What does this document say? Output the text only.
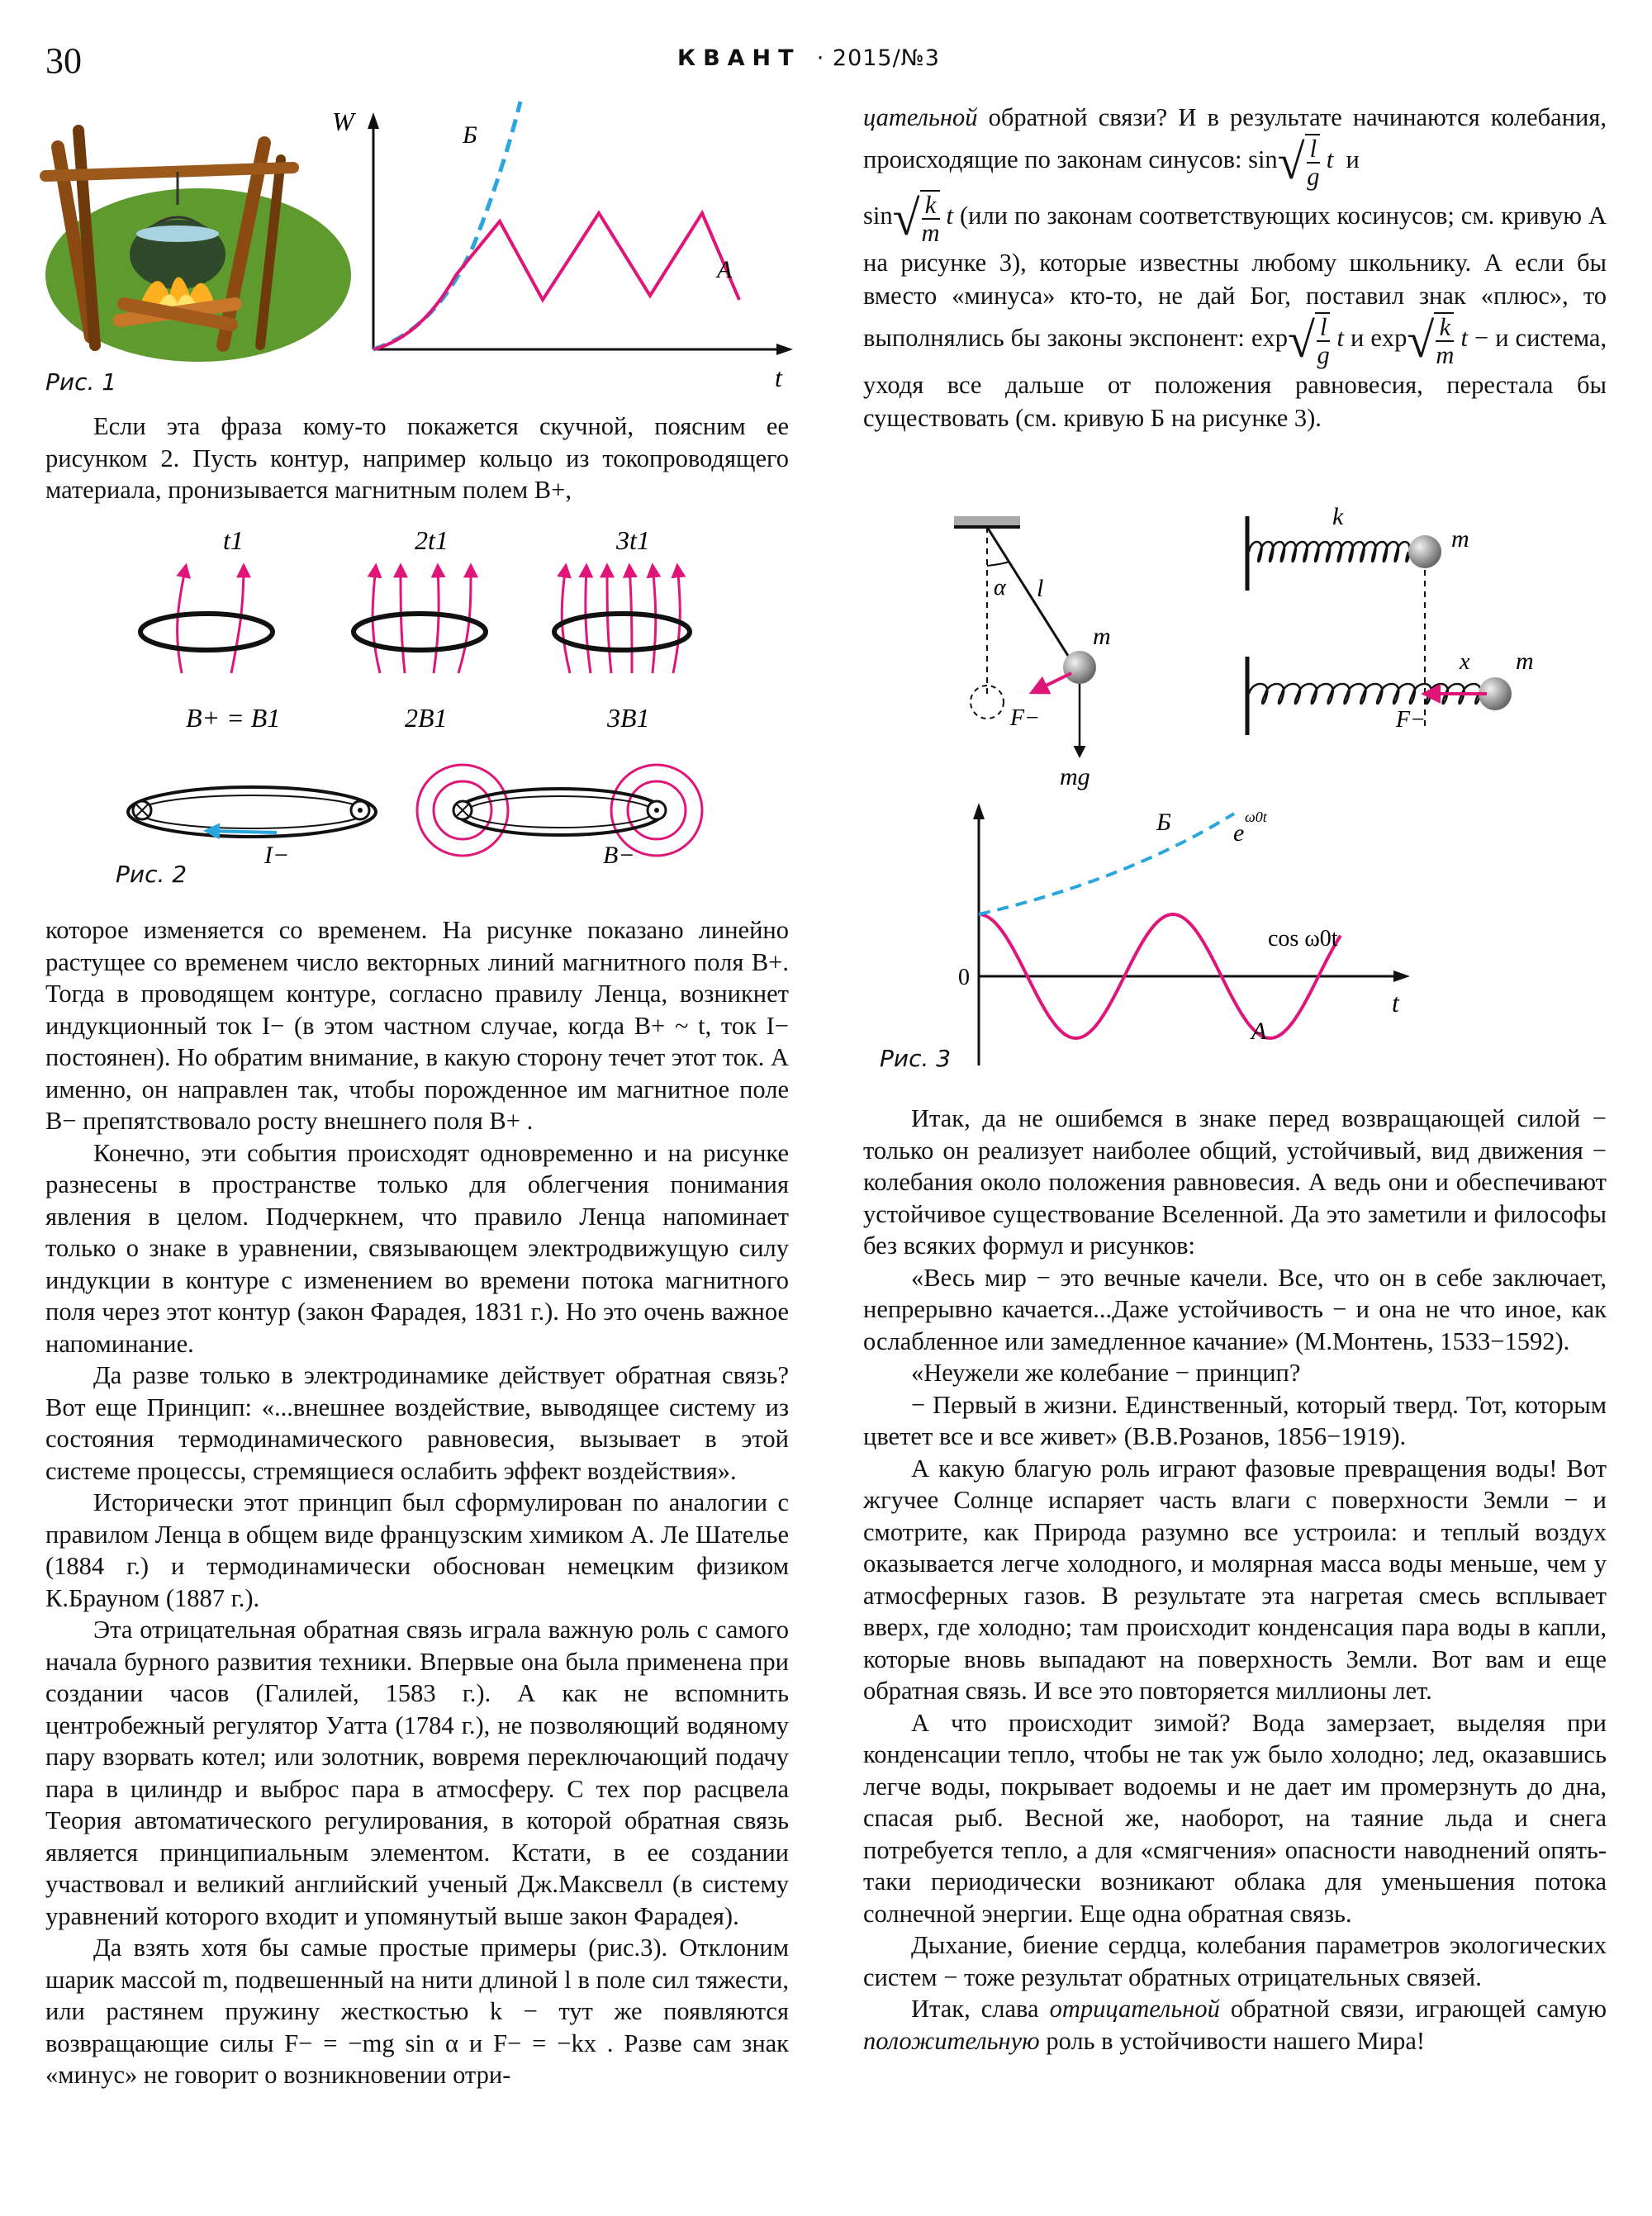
30	КВАНТ · 2015/№3
W
t
Б
А
Рис. 1

Если эта фраза кому-то покажется скучной, поясним ее рисунком 2. Пусть контур, например кольцо из токопроводящего материала, пронизывается магнитным полем B+,

t1	2t1	3t1
B+ = B1	2B1	3B1
I−	B−
Рис. 2

которое изменяется со временем. На рисунке показано линейно растущее со временем число векторных линий магнитного поля B+. Тогда в проводящем контуре, согласно правилу Ленца, возникнет индукционный ток I− (в этом частном случае, когда B+ ~ t, ток I− постоянен). Но обратим внимание, в какую сторону течет этот ток. А именно, он направлен так, чтобы порожденное им магнитное поле B− препятствовало росту внешнего поля B+ .

Конечно, эти события происходят одновременно и на рисунке разнесены в пространстве только для облегчения понимания явления в целом. Подчеркнем, что правило Ленца напоминает только о знаке в уравнении, связывающем электродвижущую силу индукции в контуре с изменением во времени потока магнитного поля через этот контур (закон Фарадея, 1831 г.). Но это очень важное напоминание.

Да разве только в электродинамике действует обратная связь? Вот еще Принцип: «...внешнее воздействие, выводящее систему из состояния термодинамического равновесия, вызывает в этой системе процессы, стремящиеся ослабить эффект воздействия».

Исторически этот принцип был сформулирован по аналогии с правилом Ленца в общем виде французским химиком А. Ле Шателье (1884 г.) и термодинамически обоснован немецким физиком К.Брауном (1887 г.).

Эта отрицательная обратная связь играла важную роль с самого начала бурного развития техники. Впервые она была применена при создании часов (Галилей, 1583 г.). А как не вспомнить центробежный регулятор Уатта (1784 г.), не позволяющий водяному пару взорвать котел; или золотник, вовремя переключающий подачу пара в цилиндр и выброс пара в атмосферу. С тех пор расцвела Теория автоматического регулирования, в которой обратная связь является принципиальным элементом. Кстати, в ее создании участвовал и великий английский ученый Дж.Максвелл (в систему уравнений которого входит и упомянутый выше закон Фарадея).

Да взять хотя бы самые простые примеры (рис.3). Отклоним шарик массой m, подвешенный на нити длиной l в поле сил тяжести, или растянем пружину жесткостью k − тут же появляются возвращающие силы F− = −mg sin α и F− = −kx . Разве сам знак «минус» не говорит о возникновении отри-

цательной обратной связи? И в результате начинаются колебания, происходящие по законам синусов: $\sin√ \frac{l}{g}$ t и

$\sin√ \frac{k}{m}$ t (или по законам соответствующих косинусов; см. кривую А на рисунке 3), которые известны любому школьнику. А если бы вместо «минуса» кто-то, не дай Бог, поставил знак «плюс», то выполнялись бы законы экспонент: $\exp√ \frac{l}{g}$ t и $\exp√ \frac{k}{m}$ t − и система, уходя все дальше от положения равновесия, перестала бы существовать (см. кривую Б на рисунке 3).

α l
m
mg
F−
k
m
x m
F−
0
t
Б	e
ω0t
cos ω0t
А
Рис. 3

Итак, да не ошибемся в знаке перед возвращающей силой − только он реализует наиболее общий, устойчивый, вид движения − колебания около положения равновесия. А ведь они и обеспечивают устойчивое существование Вселенной. Да это заметили и философы без всяких формул и рисунков:

«Весь мир − это вечные качели. Все, что он в себе заключает, непрерывно качается...Даже устойчивость − и она не что иное, как ослабленное или замедленное качание» (М.Монтень, 1533−1592).

«Неужели же колебание − принцип?

− Первый в жизни. Единственный, который тверд. Тот, которым цветет все и все живет» (В.В.Розанов, 1856−1919).

А какую благую роль играют фазовые превращения воды! Вот жгучее Солнце испаряет часть влаги с поверхности Земли − и смотрите, как Природа разумно все устроила: и теплый воздух оказывается легче холодного, и молярная масса воды меньше, чем у атмосферных газов. В результате эта нагретая смесь всплывает вверх, где холодно; там происходит конденсация пара воды в капли, которые вновь выпадают на поверхность Земли. Вот вам и еще обратная связь. И все это повторяется миллионы лет.

А что происходит зимой? Вода замерзает, выделяя при конденсации тепло, чтобы не так уж было холодно; лед, оказавшись легче воды, покрывает водоемы и не дает им промерзнуть до дна, спасая рыб. Весной же, наоборот, на таяние льда и снега потребуется тепло, а для «смягчения» опасности наводнений опять-таки периодически возникают облака для уменьшения потока солнечной энергии. Еще одна обратная связь.

Дыхание, биение сердца, колебания параметров экологических систем − тоже результат обратных отрицательных связей.

Итак, слава отрицательной обратной связи, играющей самую положительную роль в устойчивости нашего Мира!
